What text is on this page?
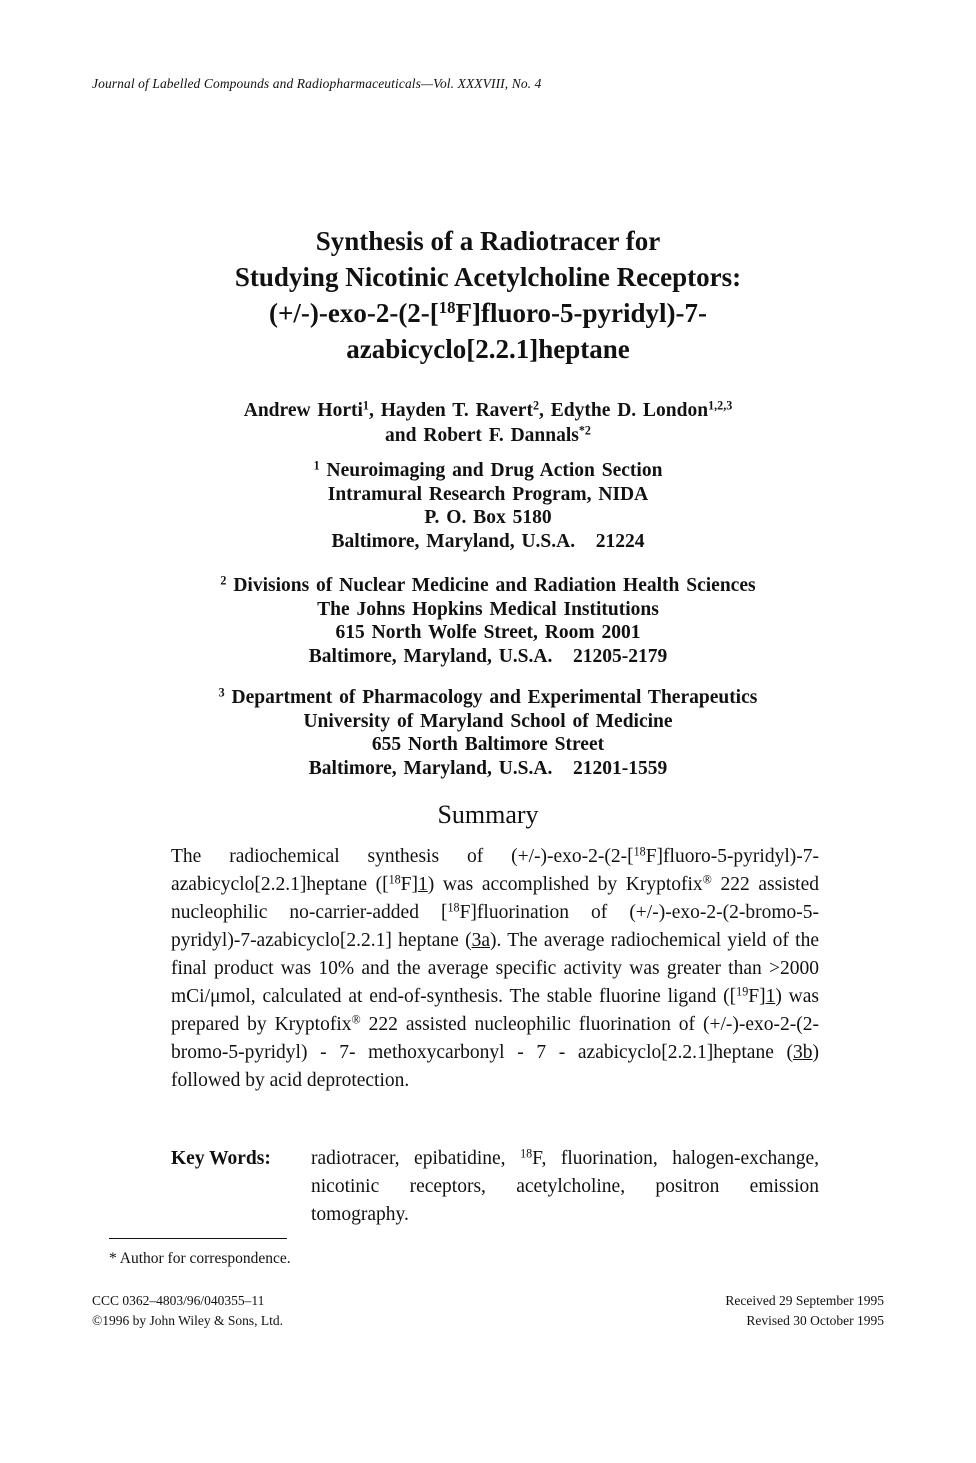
Journal of Labelled Compounds and Radiopharmaceuticals—Vol. XXXVIII, No. 4
Synthesis of a Radiotracer for
Studying Nicotinic Acetylcholine Receptors:
(+/-)-exo-2-(2-[$^{18}$F]fluoro-5-pyridyl)-7-
azabicyclo[2.2.1]heptane
Andrew Horti$^1$, Hayden T. Ravert$^2$, Edythe D. London$^{1,2,3}$
and Robert F. Dannals$^{*2}$
$^1$ Neuroimaging and Drug Action Section
Intramural Research Program, NIDA
P. O. Box 5180
Baltimore, Maryland, U.S.A.   21224
$^2$ Divisions of Nuclear Medicine and Radiation Health Sciences
The Johns Hopkins Medical Institutions
615 North Wolfe Street, Room 2001
Baltimore, Maryland, U.S.A.   21205-2179
$^3$ Department of Pharmacology and Experimental Therapeutics
University of Maryland School of Medicine
655 North Baltimore Street
Baltimore, Maryland, U.S.A.   21201-1559
Summary
The radiochemical synthesis of (+/-)-exo-2-(2-[$^{18}$F]fluoro-5-pyridyl)-7-azabicyclo[2.2.1]heptane ([$^{18}$F]1) was accomplished by Kryptofix® 222 assisted nucleophilic no-carrier-added [$^{18}$F]fluorination of (+/-)-exo-2-(2-bromo-5-pyridyl)-7-azabicyclo[2.2.1] heptane (3a). The average radiochemical yield of the final product was 10% and the average specific activity was greater than >2000 mCi/μmol, calculated at end-of-synthesis. The stable fluorine ligand ([$^{19}$F]1) was prepared by Kryptofix® 222 assisted nucleophilic fluorination of (+/-)-exo-2-(2-bromo-5-pyridyl) - 7- methoxycarbonyl - 7 - azabicyclo[2.2.1]heptane (3b) followed by acid deprotection.
Key Words: radiotracer, epibatidine, $^{18}$F, fluorination, halogen-exchange, nicotinic receptors, acetylcholine, positron emission tomography.
* Author for correspondence.
CCC 0362–4803/96/040355–11
©1996 by John Wiley & Sons, Ltd.
Received 29 September 1995
Revised 30 October 1995
